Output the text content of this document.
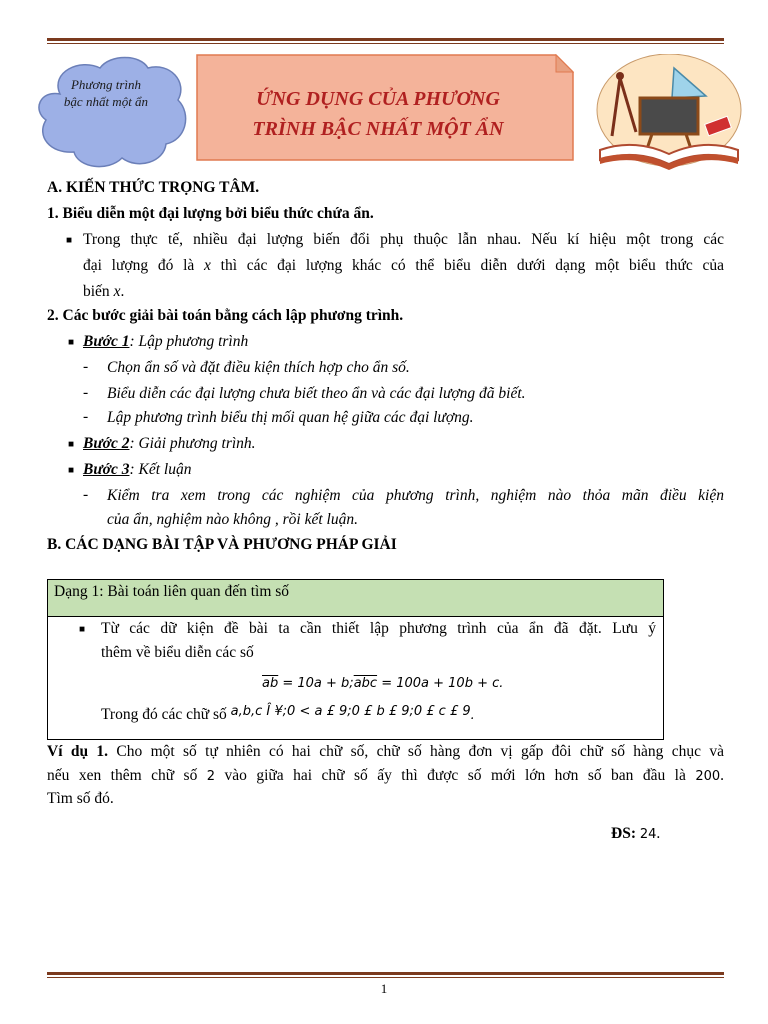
Phương trình bậc nhất một ẩn	ỨNG DỤNG CỦA PHƯƠNG
TRÌNH BẬC NHẤT MỘT ẨN
A. KIẾN THỨC TRỌNG TÂM.
1. Biểu diễn một đại lượng bởi biểu thức chứa ẩn.
■ Trong thực tế, nhiều đại lượng biến đổi phụ thuộc lẫn nhau. Nếu kí hiệu một trong các
đại lượng đó là x thì các đại lượng khác có thể biểu diễn dưới dạng một biểu thức của
biến x.
2. Các bước giải bài toán bằng cách lập phương trình.
■ Bước 1: Lập phương trình
- Chọn ẩn số và đặt điều kiện thích hợp cho ẩn số.
- Biểu diễn các đại lượng chưa biết theo ẩn và các đại lượng đã biết.
- Lập phương trình biểu thị mối quan hệ giữa các đại lượng.
■ Bước 2: Giải phương trình.
■ Bước 3: Kết luận
- Kiểm tra xem trong các nghiệm của phương trình, nghiệm nào thỏa mãn điều kiện
của ẩn, nghiệm nào không , rồi kết luận.
B. CÁC DẠNG BÀI TẬP VÀ PHƯƠNG PHÁP GIẢI
Dạng 1: Bài toán liên quan đến tìm số
■ Từ các dữ kiện đề bài ta cần thiết lập phương trình của ẩn đã đặt. Lưu ý
thêm về biểu diễn các số
$\overline{ab} = 10a$ + $b;\overline{abc} = 100a + 10b + c$.
Trong đó các chữ số $^{a,b,c Î ¥;0 < a £ 9;0 £ b £ 9;0 £ c £ 9}$.
Ví dụ 1. Cho một số tự nhiên có hai chữ số, chữ số hàng đơn vị gấp đôi chữ số hàng chục và
nếu xen thêm chữ số 2 vào giữa hai chữ số ấy thì được số mới lớn hơn số ban đầu là 200.
Tìm số đó.
ĐS: 24.
1
